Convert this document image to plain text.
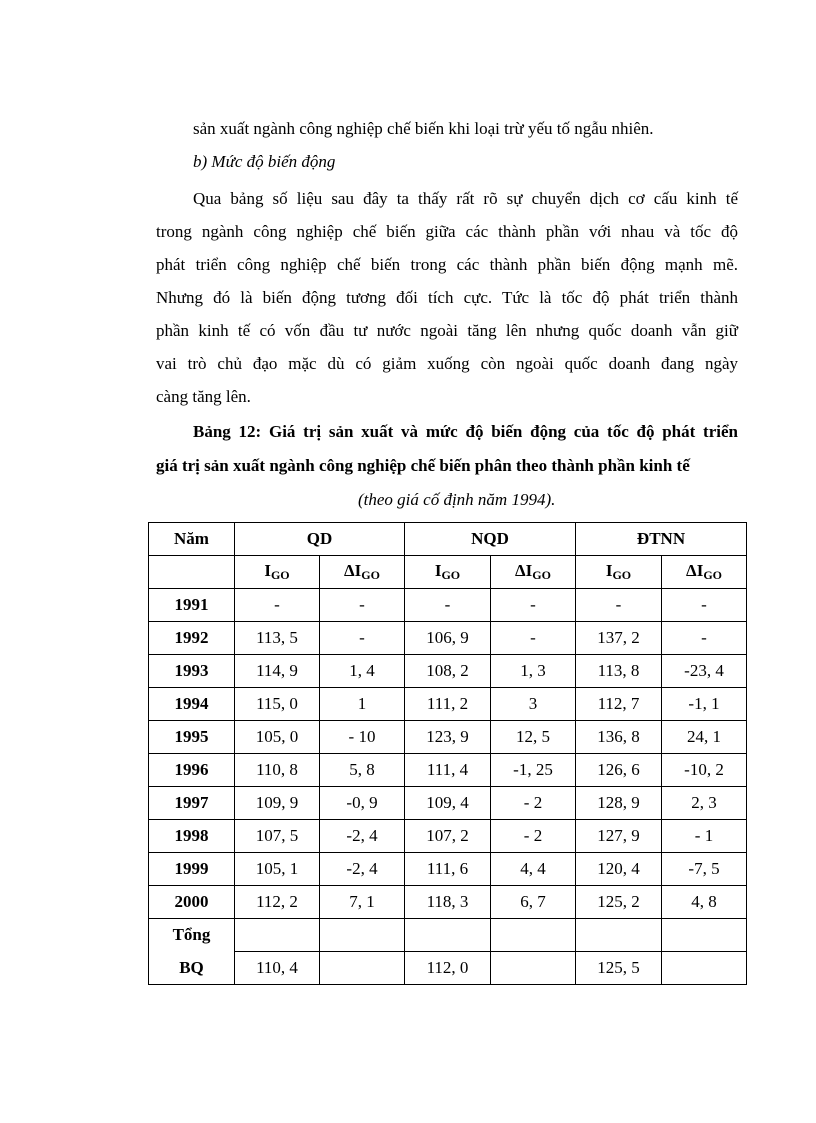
sản xuất ngành công nghiệp chế biến khi loại trừ yếu tố ngẫu nhiên.
b) Mức độ biến động
Qua bảng số liệu sau đây ta thấy rất rõ sự chuyển dịch cơ cấu kinh tế
trong ngành công nghiệp chế biến giữa các thành phần với nhau và tốc độ
phát triển công nghiệp chế biến trong các thành phần biến động mạnh mẽ.
Nhưng đó là biến động tương đối tích cực. Tức là tốc độ phát triển thành
phần kinh tế có vốn đầu tư nước ngoài tăng lên nhưng quốc doanh vẫn giữ
vai trò chủ đạo mặc dù có giảm xuống còn ngoài quốc doanh đang ngày
càng tăng lên.
Bảng 12: Giá trị sản xuất và mức độ biến động của tốc độ phát triển
giá trị sản xuất ngành công nghiệp chế biến phân theo thành phần kinh tế
(theo giá cố định năm 1994).
Năm	QD		NQD		ĐTNN	
	$I_{GO}$	$\Delta I_{GO}$	$I_{GO}$	$\Delta I_{GO}$	$I_{GO}$	$\Delta I_{GO}$
1991	-	-	-	-	-	-
1992	113, 5	-	106, 9	-	137, 2	-
1993	114, 9	1, 4	108, 2	1, 3	113, 8	-23, 4
1994	115, 0	1	111, 2	3	112, 7	-1, 1
1995	105, 0	- 10	123, 9	12, 5	136, 8	24, 1
1996	110, 8	5, 8	111, 4	-1, 25	126, 6	-10, 2
1997	109, 9	-0, 9	109, 4	- 2	128, 9	2, 3
1998	107, 5	-2, 4	107, 2	- 2	127, 9	- 1
1999	105, 1	-2, 4	111, 6	4, 4	120, 4	-7, 5
2000	112, 2	7, 1	118, 3	6, 7	125, 2	4, 8
Tổng						
BQ	110, 4		112, 0		125, 5	
